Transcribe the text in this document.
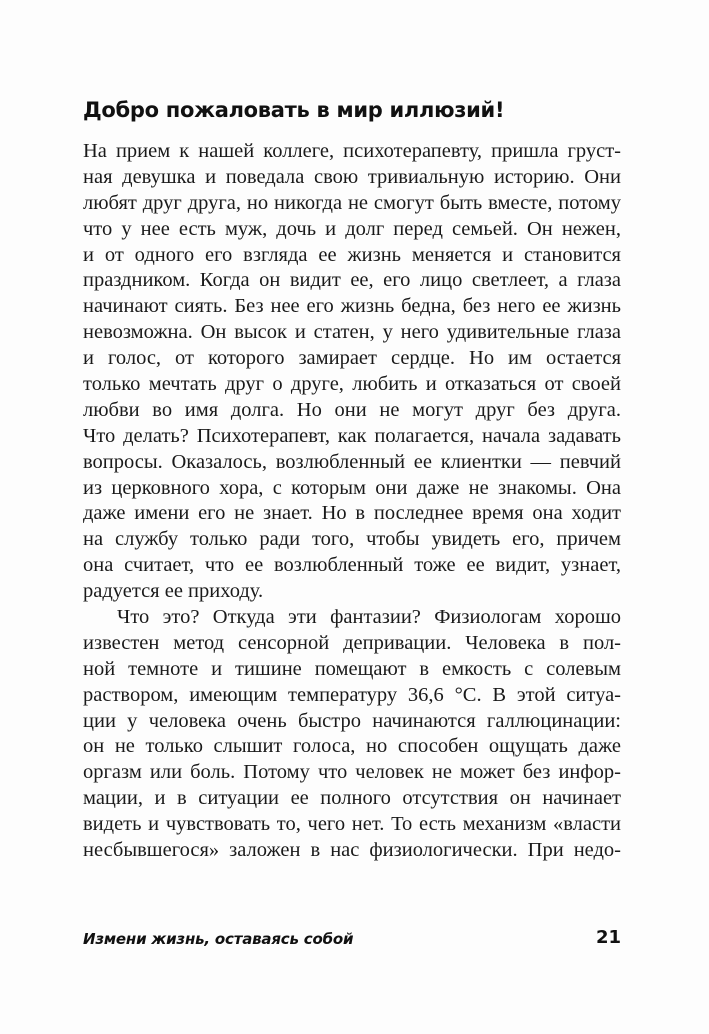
Добро пожаловать в мир иллюзий!
На прием к нашей коллеге, психотерапевту, пришла груст-
ная девушка и поведала свою тривиальную историю. Они
любят друг друга, но никогда не смогут быть вместе, потому
что у нее есть муж, дочь и долг перед семьей. Он нежен,
и от одного его взгляда ее жизнь меняется и становится
праздником. Когда он видит ее, его лицо светлеет, а глаза
начинают сиять. Без нее его жизнь бедна, без него ее жизнь
невозможна. Он высок и статен, у него удивительные глаза
и голос, от которого замирает сердце. Но им остается
только мечтать друг о друге, любить и отказаться от своей
любви во имя долга. Но они не могут друг без друга.
Что делать? Психотерапевт, как полагается, начала задавать
вопросы. Оказалось, возлюбленный ее клиентки — певчий
из церковного хора, с которым они даже не знакомы. Она
даже имени его не знает. Но в последнее время она ходит
на службу только ради того, чтобы увидеть его, причем
она считает, что ее возлюбленный тоже ее видит, узнает,
радуется ее приходу.
Что это? Откуда эти фантазии? Физиологам хорошо
известен метод сенсорной депривации. Человека в пол-
ной темноте и тишине помещают в емкость с солевым
раствором, имеющим температуру 36,6 °С. В этой ситуа-
ции у человека очень быстро начинаются галлюцинации:
он не только слышит голоса, но способен ощущать даже
оргазм или боль. Потому что человек не может без инфор-
мации, и в ситуации ее полного отсутствия он начинает
видеть и чувствовать то, чего нет. То есть механизм «власти
несбывшегося» заложен в нас физиологически. При недо-
Измени жизнь, оставаясь собой	21
